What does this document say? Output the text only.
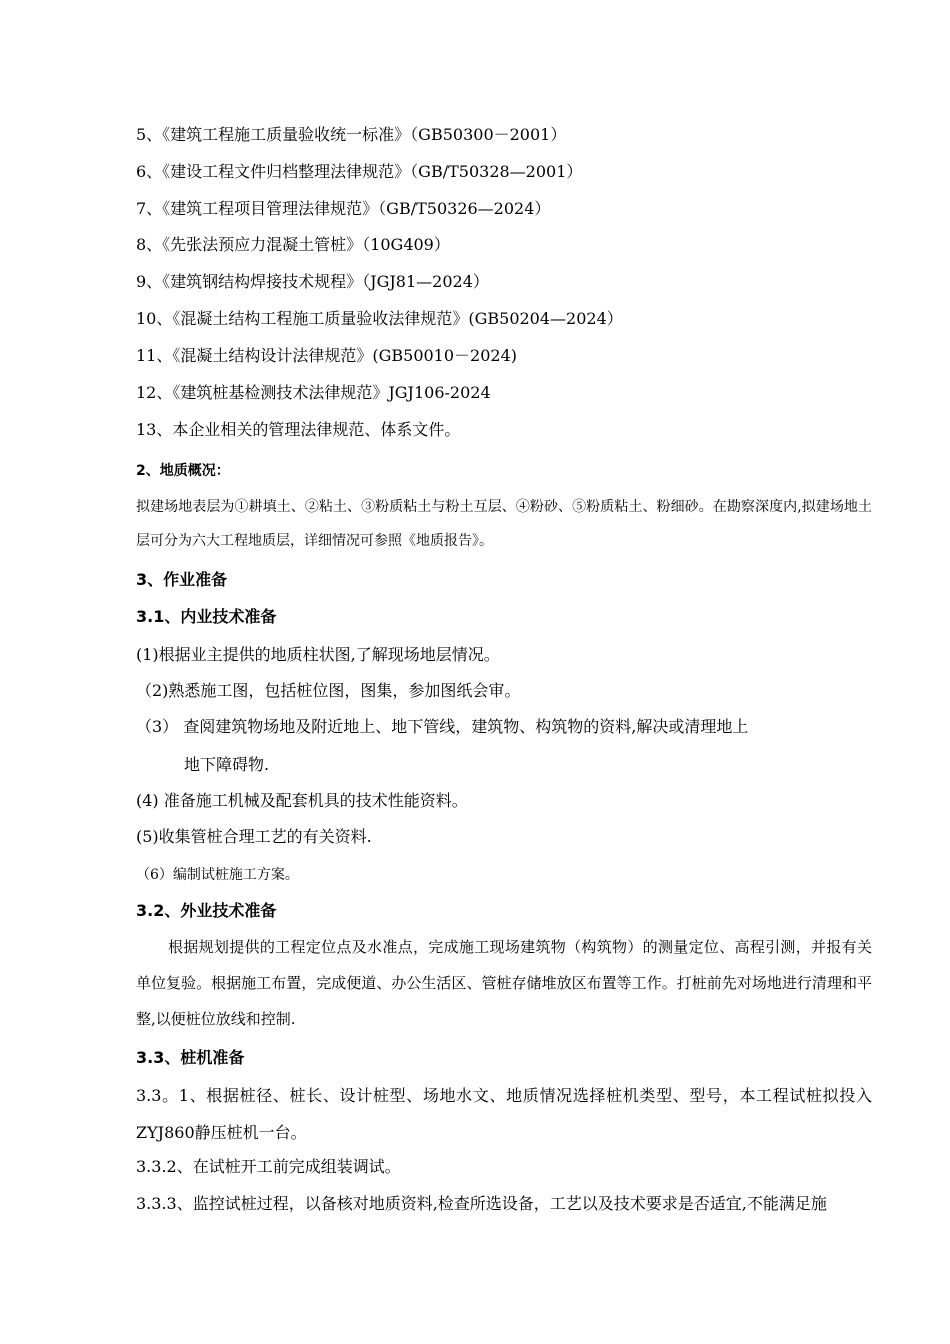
5、《建筑工程施工质量验收统一标准》（GB50300－2001）
6、《建设工程文件归档整理法律规范》（GB/T50328—2001）
7、《建筑工程项目管理法律规范》（GB/T50326—2024）
8、《先张法预应力混凝土管桩》（10G409）
9、《建筑钢结构焊接技术规程》（JGJ81—2024）
10、《混凝土结构工程施工质量验收法律规范》(GB50204—2024）
11、《混凝土结构设计法律规范》(GB50010－2024)
12、《建筑桩基检测技术法律规范》JGJ106-2024
13、本企业相关的管理法律规范、体系文件。
2、地质概况：
拟建场地表层为①耕填土、②粘土、③粉质粘土与粉土互层、④粉砂、⑤粉质粘土、粉细砂。在勘察深度内,拟建场地土层可分为六大工程地质层，详细情况可参照《地质报告》。
3、作业准备
3.1、内业技术准备
(1)根据业主提供的地质柱状图,了解现场地层情况。
（2)熟悉施工图，包括桩位图，图集，参加图纸会审。
（3） 查阅建筑物场地及附近地上、地下管线，建筑物、构筑物的资料,解决或清理地上
地下障碍物.
(4) 准备施工机械及配套机具的技术性能资料。
(5)收集管桩合理工艺的有关资料.
（6）编制试桩施工方案。
3.2、外业技术准备
根据规划提供的工程定位点及水准点，完成施工现场建筑物（构筑物）的测量定位、高程引测，并报有关单位复验。根据施工布置，完成便道、办公生活区、管桩存储堆放区布置等工作。打桩前先对场地进行清理和平整,以便桩位放线和控制.
3.3、桩机准备
3.3。1、根据桩径、桩长、设计桩型、场地水文、地质情况选择桩机类型、型号，本工程试桩拟投入ZYJ860静压桩机一台。
3.3.2、在试桩开工前完成组装调试。
3.3.3、监控试桩过程，以备核对地质资料,检查所选设备，工艺以及技术要求是否适宜,不能满足施
